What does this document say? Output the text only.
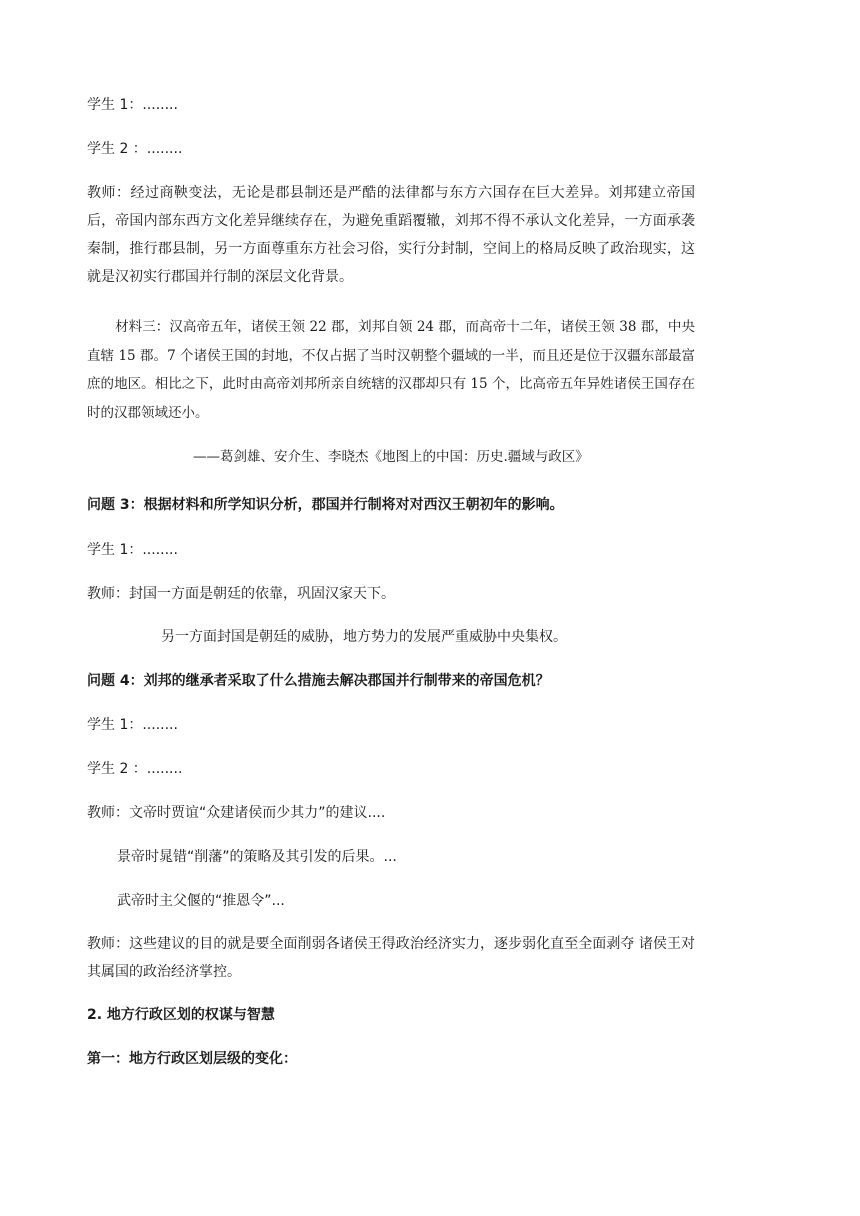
学生 1：........
学生 2 ：........
教师：经过商鞅变法，无论是郡县制还是严酷的法律都与东方六国存在巨大差异。刘邦建立帝国后，帝国内部东西方文化差异继续存在，为避免重蹈覆辙，刘邦不得不承认文化差异，一方面承袭秦制，推行郡县制，另一方面尊重东方社会习俗，实行分封制，空间上的格局反映了政治现实，这就是汉初实行郡国并行制的深层文化背景。
材料三：汉高帝五年，诸侯王领 22 郡，刘邦自领 24 郡，而高帝十二年，诸侯王领 38 郡，中央直辖 15 郡。7 个诸侯王国的封地，不仅占据了当时汉朝整个疆域的一半，而且还是位于汉疆东部最富庶的地区。相比之下，此时由高帝刘邦所亲自统辖的汉郡却只有 15 个，比高帝五年异姓诸侯王国存在时的汉郡领域还小。
——葛剑雄、安介生、李晓杰《地图上的中国：历史.疆域与政区》
问题 3：根据材料和所学知识分析，郡国并行制将对对西汉王朝初年的影响。
学生 1：........
教师：封国一方面是朝廷的依靠，巩固汉家天下。
另一方面封国是朝廷的威胁，地方势力的发展严重威胁中央集权。
问题 4：刘邦的继承者采取了什么措施去解决郡国并行制带来的帝国危机？
学生 1：........
学生 2 ：........
教师：文帝时贾谊“众建诸侯而少其力”的建议....
景帝时晁错“削藩”的策略及其引发的后果。...
武帝时主父偃的“推恩令”...
教师：这些建议的目的就是要全面削弱各诸侯王得政治经济实力，逐步弱化直至全面剥夺 诸侯王对其属国的政治经济掌控。
2. 地方行政区划的权谋与智慧
第一：地方行政区划层级的变化：
